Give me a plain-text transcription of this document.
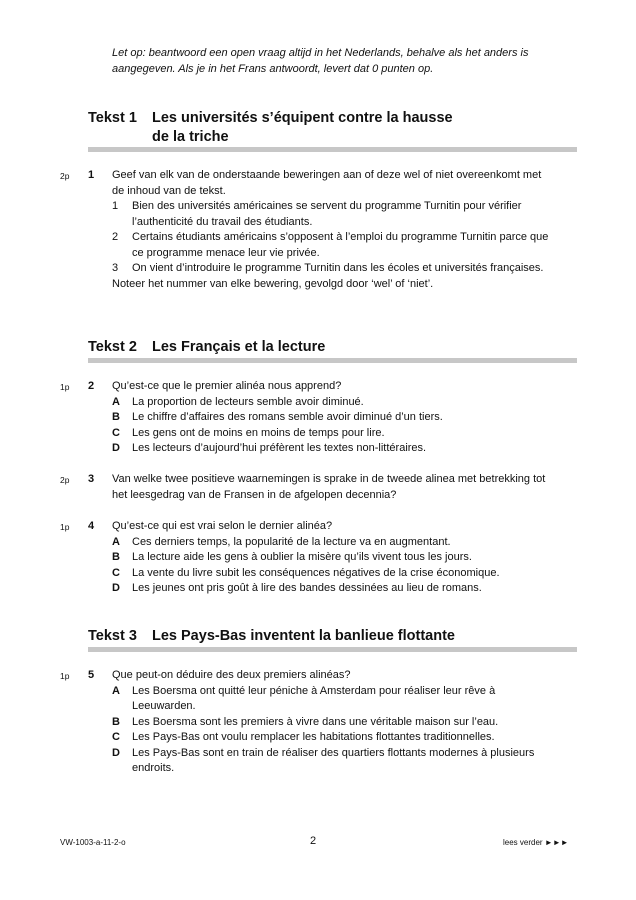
Let op: beantwoord een open vraag altijd in het Nederlands, behalve als het anders is aangegeven. Als je in het Frans antwoordt, levert dat 0 punten op.
Tekst 1 Les universités s’équipent contre la hausse
de la triche
2p 1 Geef van elk van de onderstaande beweringen aan of deze wel of niet overeenkomt met de inhoud van de tekst.

1 Bien des universités américaines se servent du programme Turnitin pour vérifier l’authenticité du travail des étudiants.
2 Certains étudiants américains s’opposent à l’emploi du programme Turnitin parce que ce programme menace leur vie privée.
3 On vient d’introduire le programme Turnitin dans les écoles et universités françaises.

Noteer het nummer van elke bewering, gevolgd door ‘wel’ of ‘niet’.

Tekst 2 Les Français et la lecture
1p 2 Qu’est-ce que le premier alinéa nous apprend?

A La proportion de lecteurs semble avoir diminué.
B Le chiffre d’affaires des romans semble avoir diminué d’un tiers.
C Les gens ont de moins en moins de temps pour lire.
D Les lecteurs d’aujourd’hui préfèrent les textes non-littéraires.
2p 3 Van welke twee positieve waarnemingen is sprake in de tweede alinea met betrekking tot het leesgedrag van de Fransen in de afgelopen decennia?

1p 4 Qu’est-ce qui est vrai selon le dernier alinéa?

A Ces derniers temps, la popularité de la lecture va en augmentant.
B La lecture aide les gens à oublier la misère qu’ils vivent tous les jours.
C La vente du livre subit les conséquences négatives de la crise économique.
D Les jeunes ont pris goût à lire des bandes dessinées au lieu de romans.
Tekst 3 Les Pays-Bas inventent la banlieue flottante
1p 5 Que peut-on déduire des deux premiers alinéas?

A Les Boersma ont quitté leur péniche à Amsterdam pour réaliser leur rêve à Leeuwarden.
B Les Boersma sont les premiers à vivre dans une véritable maison sur l’eau.
C Les Pays-Bas ont voulu remplacer les habitations flottantes traditionnelles.
D Les Pays-Bas sont en train de réaliser des quartiers flottants modernes à plusieurs endroits.
VW-1003-a-11-2-o	2	lees verder ►►►
